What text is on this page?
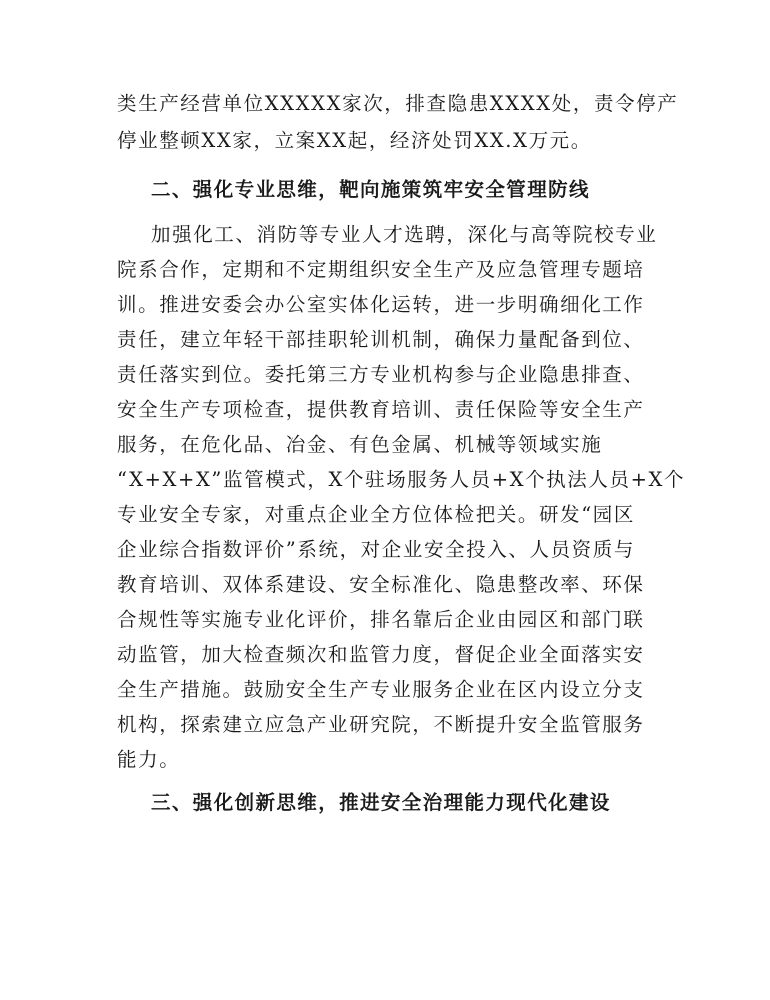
类生产经营单位XXXXX家次，排查隐患XXXX处，责令停产
停业整顿XX家，立案XX起，经济处罚XX.X万元。
二、强化专业思维，靶向施策筑牢安全管理防线
加强化工、消防等专业人才选聘，深化与高等院校专业
院系合作，定期和不定期组织安全生产及应急管理专题培
训。推进安委会办公室实体化运转，进一步明确细化工作
责任，建立年轻干部挂职轮训机制，确保力量配备到位、
责任落实到位。委托第三方专业机构参与企业隐患排查、
安全生产专项检查，提供教育培训、责任保险等安全生产
服务，在危化品、冶金、有色金属、机械等领域实施
“X+X+X”监管模式，X个驻场服务人员+X个执法人员+X个
专业安全专家，对重点企业全方位体检把关。研发“园区
企业综合指数评价”系统，对企业安全投入、人员资质与
教育培训、双体系建设、安全标准化、隐患整改率、环保
合规性等实施专业化评价，排名靠后企业由园区和部门联
动监管，加大检查频次和监管力度，督促企业全面落实安
全生产措施。鼓励安全生产专业服务企业在区内设立分支
机构，探索建立应急产业研究院，不断提升安全监管服务
能力。
三、强化创新思维，推进安全治理能力现代化建设
